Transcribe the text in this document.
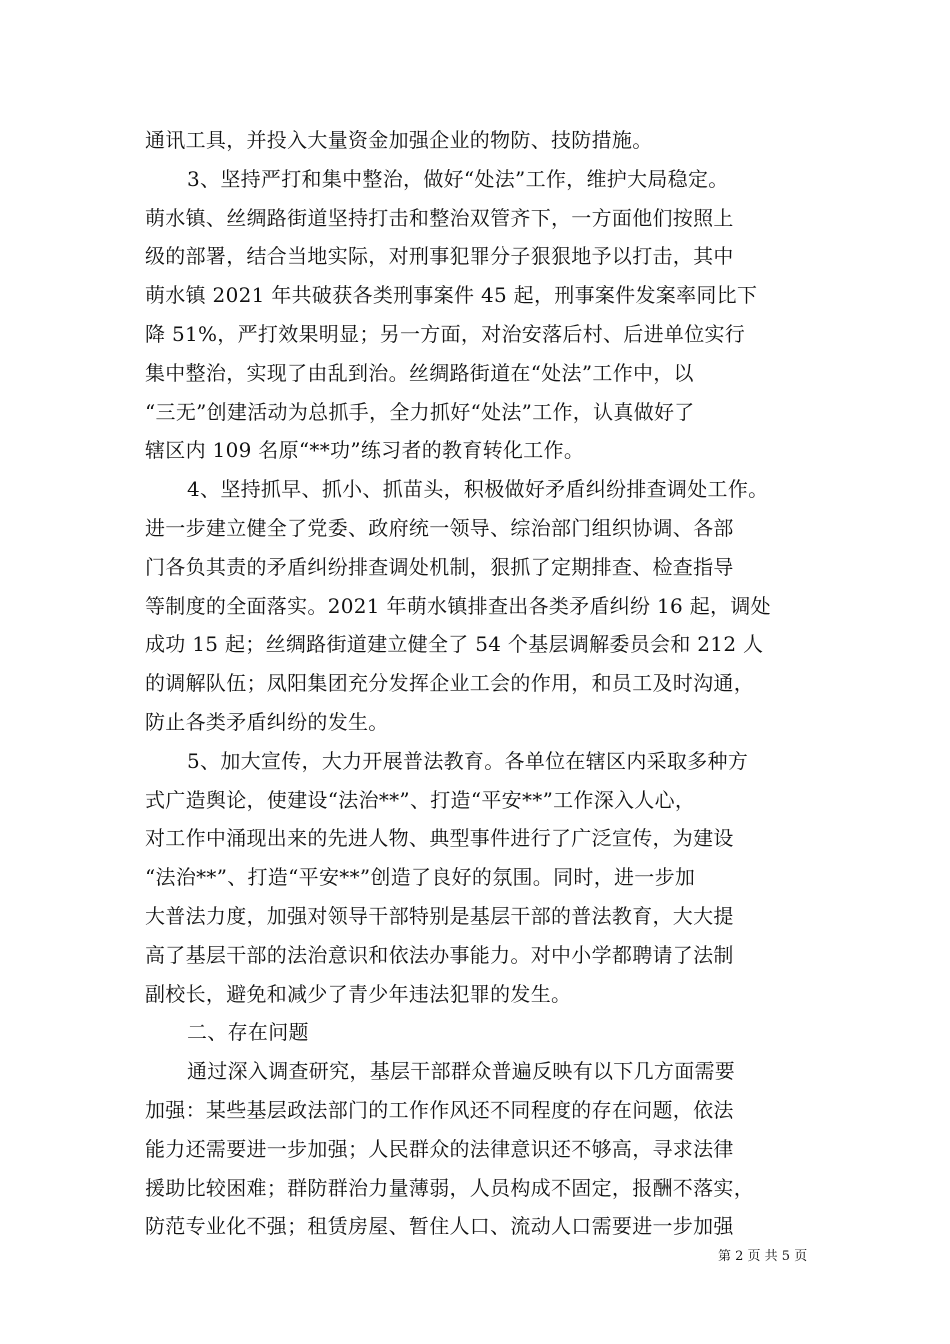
通讯工具，并投入大量资金加强企业的物防、技防措施。
3、坚持严打和集中整治，做好“处法”工作，维护大局稳定。
萌水镇、丝绸路街道坚持打击和整治双管齐下，一方面他们按照上
级的部署，结合当地实际，对刑事犯罪分子狠狠地予以打击，其中
萌水镇 2021 年共破获各类刑事案件 45 起，刑事案件发案率同比下
降 51%，严打效果明显；另一方面，对治安落后村、后进单位实行
集中整治，实现了由乱到治。丝绸路街道在“处法”工作中，以
“三无”创建活动为总抓手，全力抓好“处法”工作，认真做好了
辖区内 109 名原“**功”练习者的教育转化工作。
4、坚持抓早、抓小、抓苗头，积极做好矛盾纠纷排查调处工作。
进一步建立健全了党委、政府统一领导、综治部门组织协调、各部
门各负其责的矛盾纠纷排查调处机制，狠抓了定期排查、检查指导
等制度的全面落实。2021 年萌水镇排查出各类矛盾纠纷 16 起，调处
成功 15 起；丝绸路街道建立健全了 54 个基层调解委员会和 212 人
的调解队伍；凤阳集团充分发挥企业工会的作用，和员工及时沟通，
防止各类矛盾纠纷的发生。
5、加大宣传，大力开展普法教育。各单位在辖区内采取多种方
式广造舆论，使建设“法治**”、打造“平安**”工作深入人心，
对工作中涌现出来的先进人物、典型事件进行了广泛宣传，为建设
“法治**”、打造“平安**”创造了良好的氛围。同时，进一步加
大普法力度，加强对领导干部特别是基层干部的普法教育，大大提
高了基层干部的法治意识和依法办事能力。对中小学都聘请了法制
副校长，避免和减少了青少年违法犯罪的发生。
二、存在问题
通过深入调查研究，基层干部群众普遍反映有以下几方面需要
加强：某些基层政法部门的工作作风还不同程度的存在问题，依法
能力还需要进一步加强；人民群众的法律意识还不够高，寻求法律
援助比较困难；群防群治力量薄弱，人员构成不固定，报酬不落实，
防范专业化不强；租赁房屋、暂住人口、流动人口需要进一步加强
第 2 页 共 5 页
